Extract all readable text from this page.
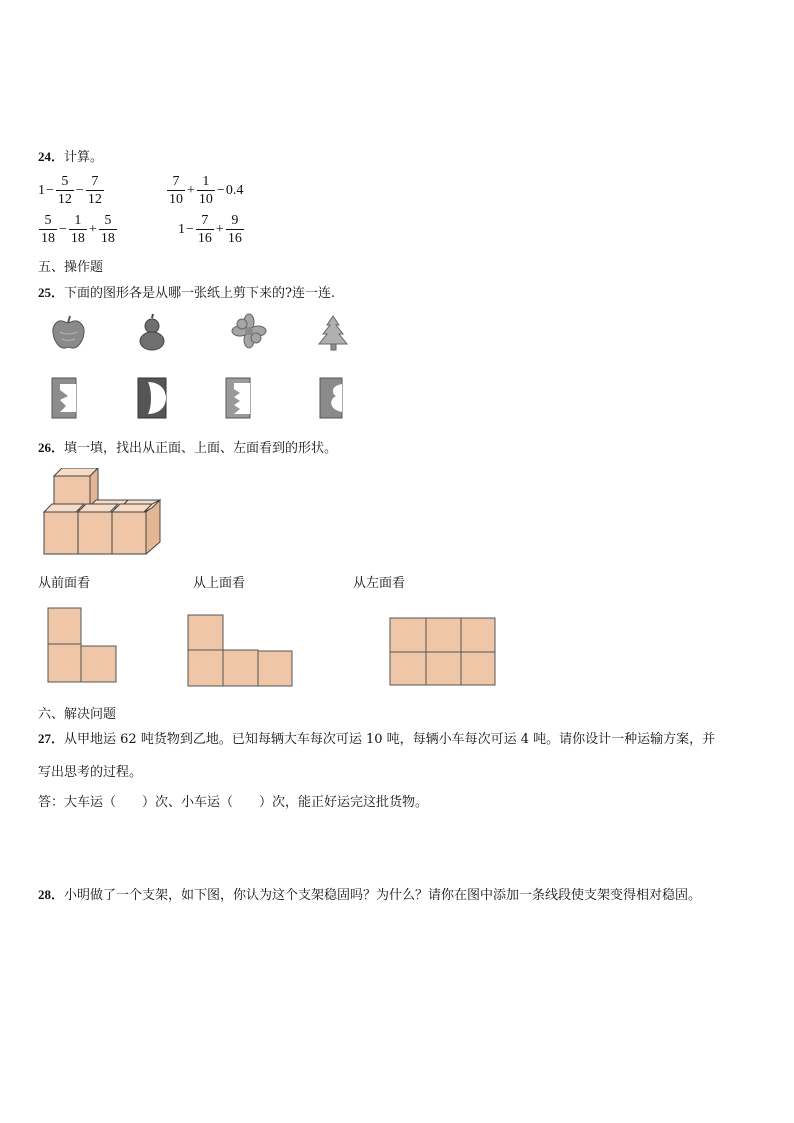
24．计算。
$1 - \frac{5}{12} - \frac{7}{12}$	$\frac{7}{10} + \frac{1}{10} - 0.4$
$\frac{5}{18} - \frac{1}{18} + \frac{5}{18}$	$1 - \frac{7}{16} + \frac{9}{16}$
五、操作题
25．下面的图形各是从哪一张纸上剪下来的?连一连.
26．填一填，找出从正面、上面、左面看到的形状。
从前面看	从上面看	从左面看
六、解决问题
27．从甲地运 62 吨货物到乙地。已知每辆大车每次可运 10 吨，每辆小车每次可运 4 吨。请你设计一种运输方案，并
写出思考的过程。
答：大车运（　　）次、小车运（　　）次，能正好运完这批货物。
28．小明做了一个支架，如下图，你认为这个支架稳固吗？为什么？请你在图中添加一条线段使支架变得相对稳固。
